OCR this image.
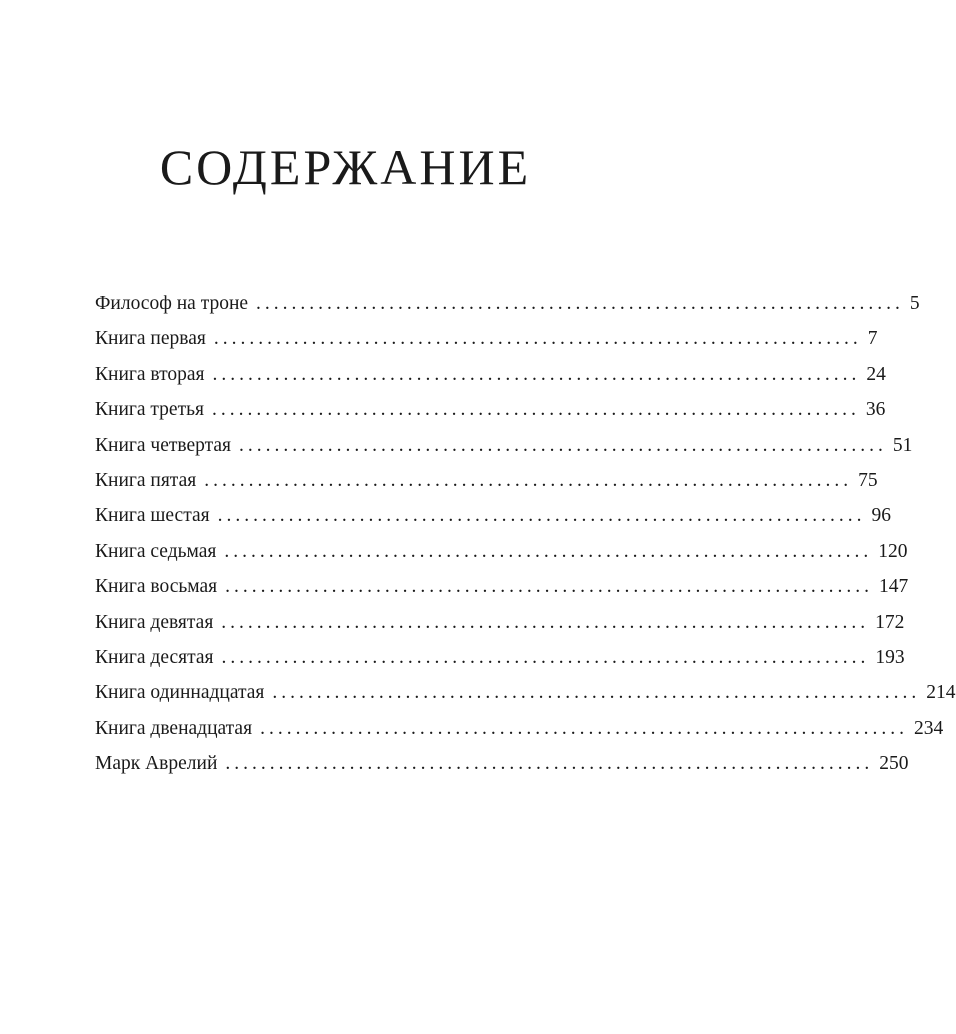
СОДЕРЖАНИЕ
Философ на троне ......................................................................... 5
Книга первая ......................................................................... 7
Книга вторая ......................................................................... 24
Книга третья ......................................................................... 36
Книга четвертая ......................................................................... 51
Книга пятая ......................................................................... 75
Книга шестая ......................................................................... 96
Книга седьмая ......................................................................... 120
Книга восьмая ......................................................................... 147
Книга девятая ......................................................................... 172
Книга десятая ......................................................................... 193
Книга одиннадцатая ......................................................................... 214
Книга двенадцатая ......................................................................... 234
Марк Аврелий ......................................................................... 250
